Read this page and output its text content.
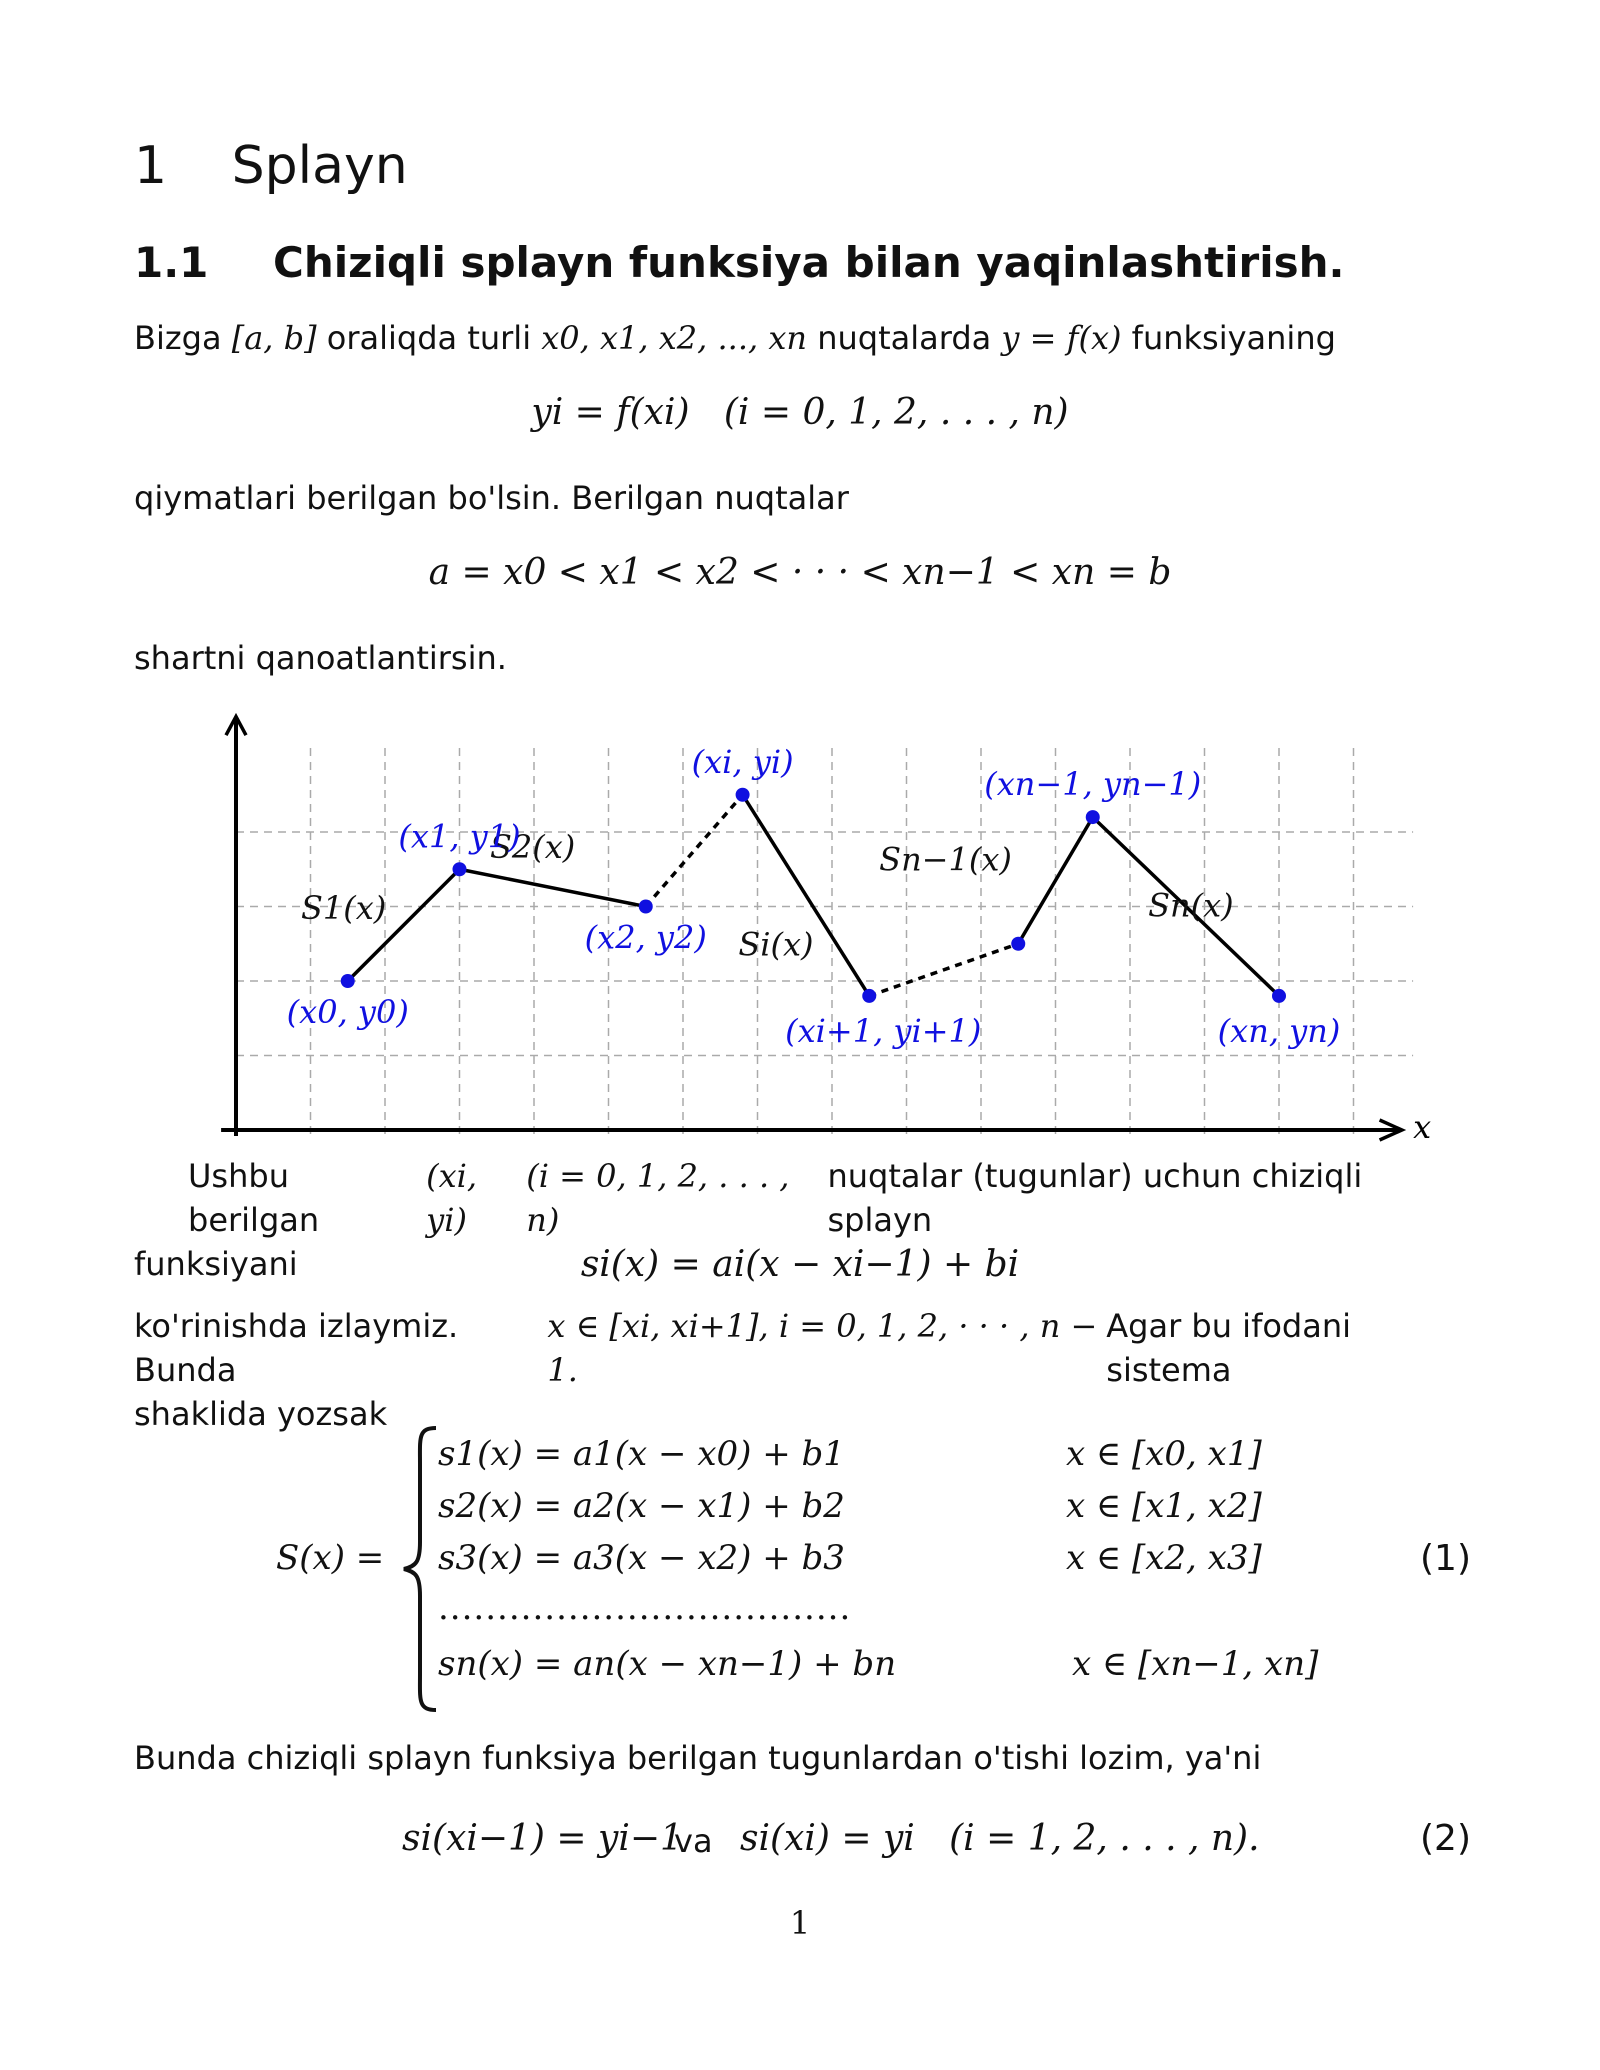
1 Splayn
1.1 Chiziqli splayn funksiya bilan yaqinlashtirish.
Bizga [a, b] oraliqda turli x0, x1, x2, ..., xn nuqtalarda y = f(x) funksiyaning
yi = f(xi)   (i = 0, 1, 2, . . . , n)
qiymatlari berilgan bo'lsin. Berilgan nuqtalar
a = x0 < x1 < x2 < · · · < xn−1 < xn = b
shartni qanoatlantirsin.
x
S1(x)
S2(x)
Si(x)
Sn−1(x)
Sn(x)
(x0, y0)
(x1, y1)
(x2, y2)
(xi, yi)
(xi+1, yi+1)
(xn−1, yn−1)
(xn, yn)
Ushbu berilgan
(xi, yi)
(i = 0, 1, 2, . . . , n)
nuqtalar (tugunlar) uchun chiziqli splayn
funksiyani	si(x) = ai(x − xi−1) + bi
ko'rinishda izlaymiz. Bunda
x ∈ [xi, xi+1], i = 0, 1, 2, · · · , n − 1.
Agar bu ifodani sistema
shaklida yozsak
S(x) =
s1(x) = a1(x − x0) + b1	x ∈ [x0, x1]
s2(x) = a2(x − x1) + b2	x ∈ [x1, x2]
s3(x) = a3(x − x2) + b3	x ∈ [x2, x3]
...................................
sn(x) = an(x − xn−1) + bn	x ∈ [xn−1, xn]
(1)
Bunda chiziqli splayn funksiya berilgan tugunlardan o'tishi lozim, ya'ni
si(xi−1) = yi−1
va si(xi) = yi   (i = 1, 2, . . . , n).	(2)
1
